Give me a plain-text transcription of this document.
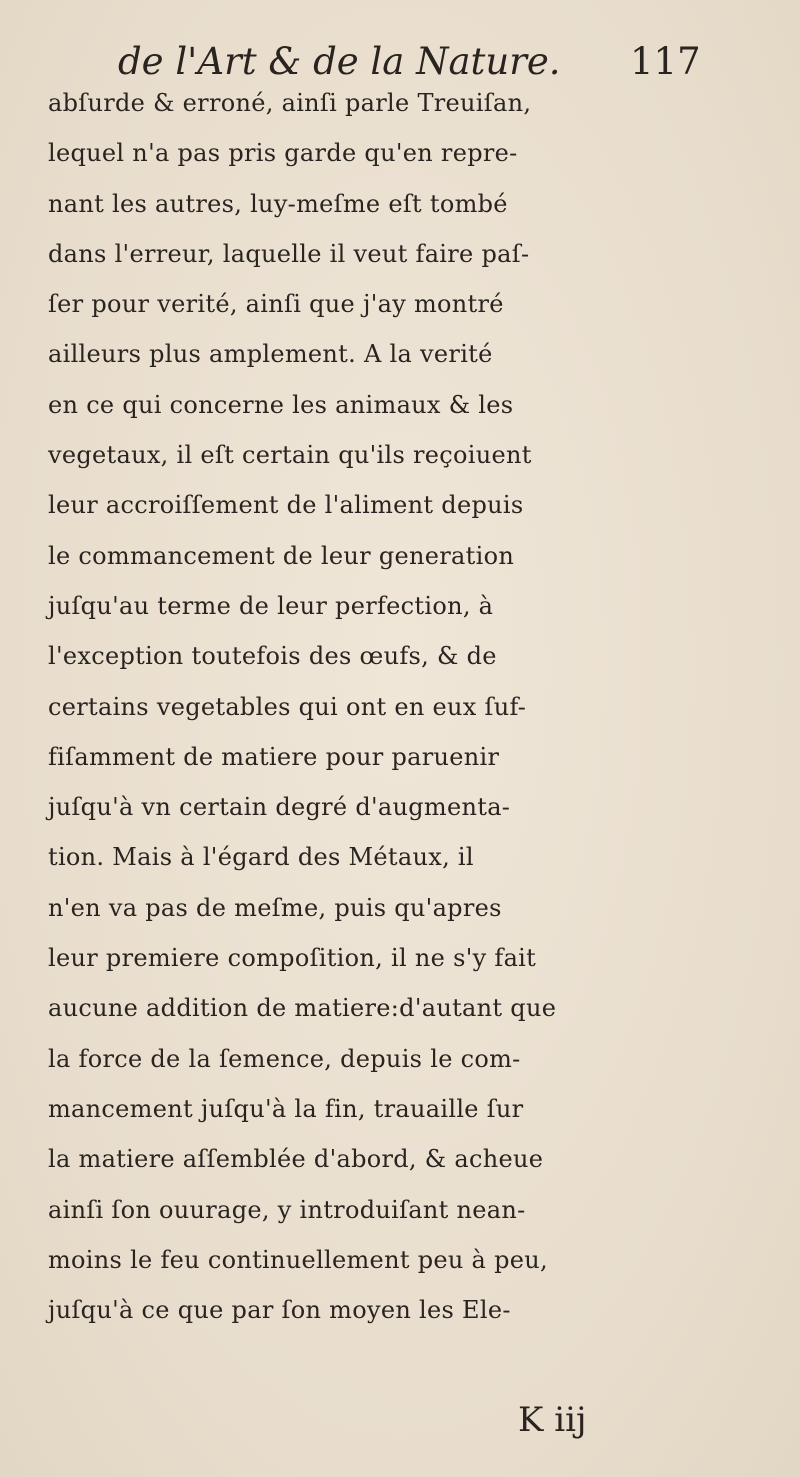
de l'Art & de la Nature. 117
abſurde & erroné, ainſi parle Treuiſan,
lequel n'a pas pris garde qu'en repre-
nant les autres, luy-meſme eſt tombé
dans l'erreur, laquelle il veut faire paſ-
ſer pour verité, ainſi que j'ay montré
ailleurs plus amplement. A la verité
en ce qui concerne les animaux & les
vegetaux, il eſt certain qu'ils reçoiuent
leur accroiſſement de l'aliment depuis
le commancement de leur generation
juſqu'au terme de leur perfection, à
l'exception toutefois des œufs, & de
certains vegetables qui ont en eux ſuf-
fiſamment de matiere pour paruenir
juſqu'à vn certain degré d'augmenta-
tion. Mais à l'égard des Métaux, il
n'en va pas de meſme, puis qu'apres
leur premiere compoſition, il ne s'y fait
aucune addition de matiere:d'autant que
la force de la ſemence, depuis le com-
mancement juſqu'à la fin, trauaille ſur
la matiere aſſemblée d'abord, & acheue
ainſi ſon ouurage, y introduiſant nean-
moins le feu continuellement peu à peu,
juſqu'à ce que par ſon moyen les Ele-
K iij
